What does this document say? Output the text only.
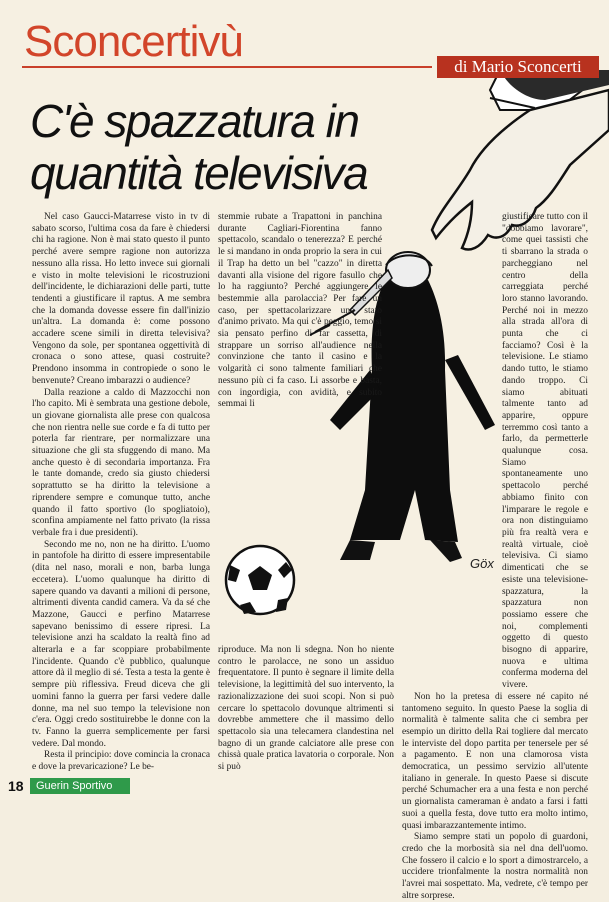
Sconcertivù
di Mario Sconcerti
C'è spazzatura in quantità televisiva

Nel caso Gaucci-Matarrese visto in tv di sabato scorso, l'ultima cosa da fare è chiedersi chi ha ragione. Non è mai stato questo il punto perché avere sempre ragione non autorizza nessuno alla rissa. Ho letto invece sui giornali e visto in molte televisioni le ricostruzioni dell'incidente, le dichiarazioni delle parti, tutte tendenti a giustificare il raptus. A me sembra che la domanda dovesse essere fin dall'inizio un'altra. La domanda è: come possono accadere scene simili in diretta televisiva? Vengono da sole, per spontanea oggettività di cronaca o sono attese, quasi costruite? Prendono insomma in contropiede o sono le benvenute? Creano imbarazzi o audience?

Dalla reazione a caldo di Mazzocchi non l'ho capito. Mi è sembrata una gestione debole, un giovane giornalista alle prese con qualcosa che non rientra nelle sue corde e fa di tutto per poterla far rientrare, per normalizzare una situazione che gli sta sfuggendo di mano. Ma anche questo è di secondaria importanza. Fra le tante domande, credo sia giusto chiedersi soprattutto se ha diritto la televisione a riprendere sempre e comunque tutto, anche quando il fatto sportivo (lo spogliatoio), sconfina ampiamente nel fatto privato (la rissa verbale fra i due presidenti).

Secondo me no, non ne ha diritto. L'uomo in pantofole ha diritto di essere impresentabile (dita nel naso, morali e non, barba lunga eccetera). L'uomo qualunque ha diritto di sapere quando va davanti a milioni di persone, altrimenti diventa candid camera. Va da sé che Mazzone, Gaucci e perfino Matarrese sapevano benissimo di essere ripresi. La televisione anzi ha scaldato la realtà fino ad alterarla e a far scoppiare probabilmente l'incidente. Quando c'è pubblico, qualunque attore dà il meglio di sé. Testa a testa la gente è sempre più riflessiva. Freud diceva che gli uomini fanno la guerra per farsi vedere dalle donne, ma nel suo tempo la televisione non c'era. Oggi credo sostituirebbe le donne con la tv. Fanno la guerra semplicemente per farsi vedere. Dal mondo.

Resta il principio: dove comincia la cronaca e dove la prevaricazione? Le be-

stemmie rubate a Trapattoni in panchina durante Cagliari-Fiorentina fanno spettacolo, scandalo o tenerezza? E perché le si mandano in onda proprio la sera in cui il Trap ha detto un bel "cazzo" in diretta davanti alla visione del rigore fasullo che lo ha raggiunto? Perché aggiungere le bestemmie alla parolaccia? Per fare un caso, per spettacolarizzare uno stato d'animo privato. Ma qui c'è peggio, temo si sia pensato perfino di far cassetta, di strappare un sorriso all'audience nella convinzione che tanto il casino e la volgarità ci sono talmente familiari che nessuno più ci fa caso. Li assorbe e basta, con ingordigia, con avidità, e subito semmai li

riproduce. Ma non li sdegna. Non ho niente contro le parolacce, ne sono un assiduo frequentatore. Il punto è segnare il limite della televisione, la legittimità del suo intervento, la razionalizzazione dei suoi scopi. Non si può cercare lo spettacolo dovunque altrimenti si dovrebbe ammettere che il massimo dello spettacolo sia una telecamera clandestina nel bagno di un grande calciatore alle prese con chissà quale pratica lavatoria o corporale. Non si può

giustificare tutto con il "dobbiamo lavorare", come quei tassisti che ti sbarrano la strada o parcheggiano nel centro della carreggiata perché loro stanno lavorando. Perché noi in mezzo alla strada all'ora di punta che ci facciamo? Così è la televisione. Le stiamo dando tutto, le stiamo dando troppo. Ci siamo abituati talmente tanto ad apparire, oppure terremmo così tanto a farlo, da permetterle qualunque cosa. Siamo spontaneamente uno spettacolo perché abbiamo finito con l'imparare le regole e ora non distinguiamo più fra realtà vera e realtà virtuale, cioè televisiva. Ci siamo dimenticati che se esiste una televisione-spazzatura, la spazzatura non possiamo essere che noi, complementi oggetto di questo bisogno di apparire, nuova e ultima conferma moderna del vivere.

Non ho la pretesa di essere né capito né tantomeno seguito. In questo Paese la soglia di normalità è talmente salita che ci sembra per esempio un diritto della Rai togliere dal mercato le interviste del dopo partita per tenersele per sé a pagamento. E non una clamorosa vista democratica, un pessimo servizio all'utente italiano in generale. In questo Paese si discute perché Schumacher era a una festa e non perché un giornalista cameraman è andato a farsi i fatti suoi a quella festa, dove tutto era molto intimo, quasi imbarazzantemente intimo.

Siamo sempre stati un popolo di guardoni, credo che la morbosità sia nel dna dell'uomo. Che fossero il calcio e lo sport a dimostrarcelo, a uccidere trionfalmente la nostra normalità non l'avrei mai sospettato. Ma, vedrete, c'è tempo per altre sorprese.

Göx
18	Guerin Sportivo
